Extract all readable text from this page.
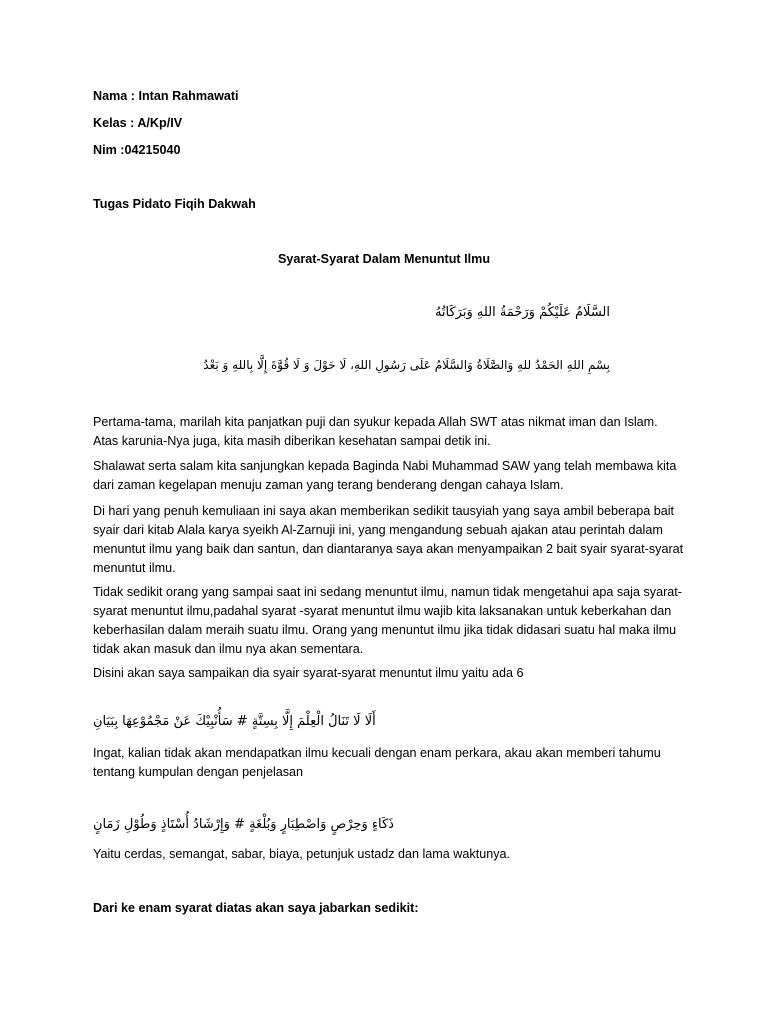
Nama : Intan Rahmawati
Kelas : A/Kp/IV
Nim :04215040
Tugas Pidato Fiqih Dakwah
Syarat-Syarat Dalam Menuntut Ilmu
السَّلَامُ عَلَيْكُمْ وَرَحْمَةُ اللهِ وَبَرَكَاتُهُ
بِسْمِ اللهِ الحَمْدُ للهِ وَالصَّلَاةُ وَالسَّلَامُ عَلَى رَسُولِ اللهِ، لَا حَوْلَ وَ لَا قُوَّةَ إِلَّا بِاللهِ وَ بَعْدُ

Pertama-tama, marilah kita panjatkan puji dan syukur kepada Allah SWT atas nikmat iman dan Islam. Atas karunia-Nya juga, kita masih diberikan kesehatan sampai detik ini.

Shalawat serta salam kita sanjungkan kepada Baginda Nabi Muhammad SAW yang telah membawa kita dari zaman kegelapan menuju zaman yang terang benderang dengan cahaya Islam.

Di hari yang penuh kemuliaan ini saya akan memberikan sedikit tausyiah yang saya ambil beberapa bait syair dari kitab Alala karya syeikh Al-Zarnuji ini, yang mengandung sebuah ajakan atau perintah dalam menuntut ilmu yang baik dan santun, dan diantaranya saya akan menyampaikan 2 bait syair syarat-syarat menuntut ilmu.

Tidak sedikit orang yang sampai saat ini sedang menuntut ilmu, namun tidak mengetahui apa saja syarat-syarat menuntut ilmu,padahal syarat -syarat menuntut ilmu wajib kita laksanakan untuk keberkahan dan keberhasilan dalam meraih suatu ilmu. Orang yang menuntut ilmu jika tidak didasari suatu hal maka ilmu tidak akan masuk dan ilmu nya akan sementara.

Disini akan saya sampaikan dia syair syarat-syarat menuntut ilmu yaitu ada 6

أَلَا لَا تَنَالُ الْعِلْمَ إِلَّا بِسِتَّةٍ # سَأُنْبِيْكَ عَنْ مَجْمُوْعِهَا بِبَيَانِ

Ingat, kalian tidak akan mendapatkan ilmu kecuali dengan enam perkara, akau akan memberi tahumu tentang kumpulan dengan penjelasan

ذَكَاءٍ وَحِرْصٍ وَاصْطِبَارٍ وَبُلْغَةٍ # وَإِرْشَادُ أُسْتَاذٍ وَطُوْلِ زَمَانٍ

Yaitu cerdas, semangat, sabar, biaya, petunjuk ustadz dan lama waktunya.

Dari ke enam syarat diatas akan saya jabarkan sedikit:
